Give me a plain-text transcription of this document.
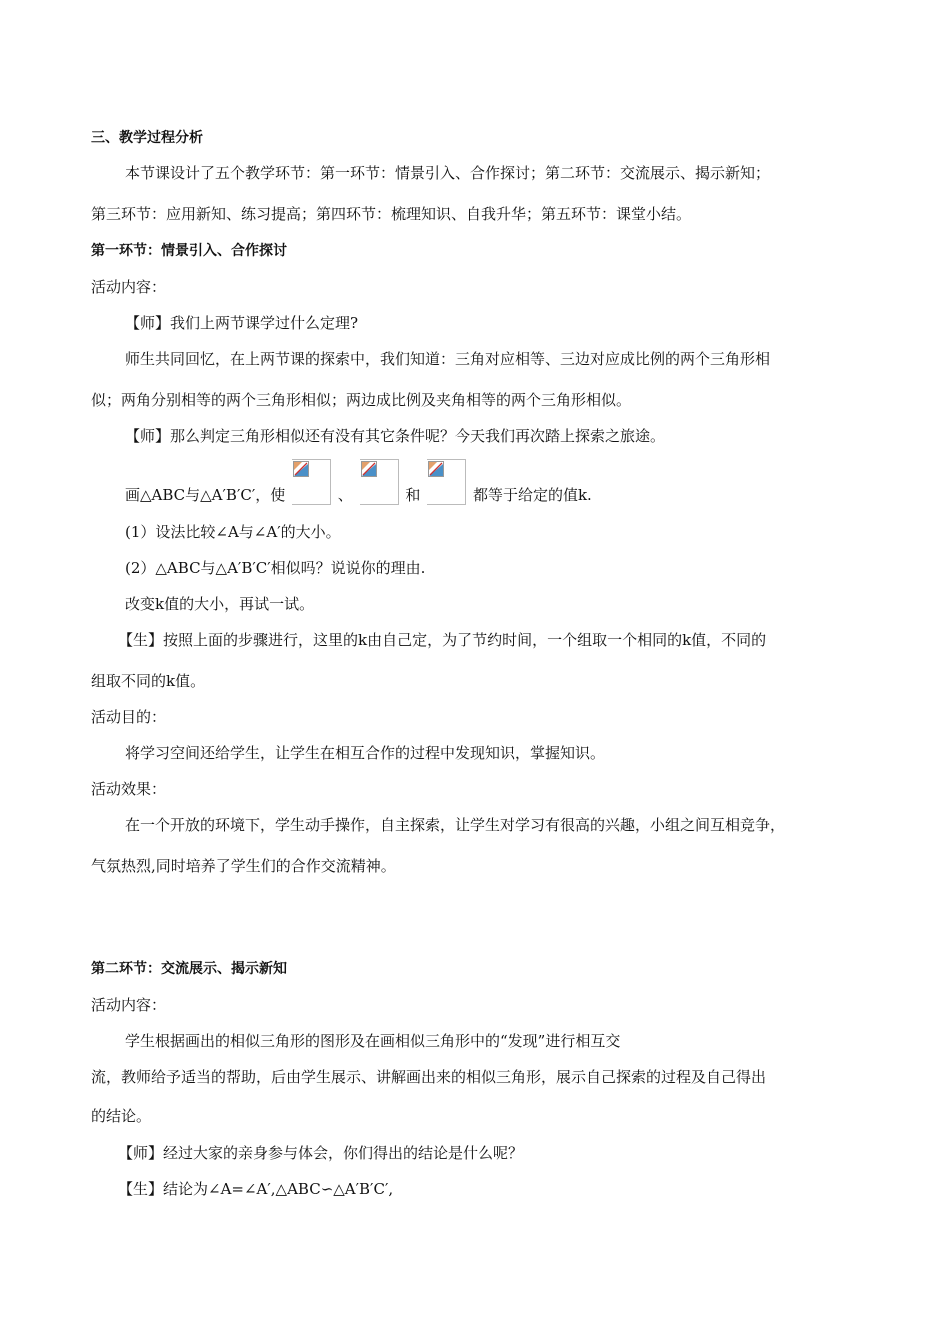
三、教学过程分析
本节课设计了五个教学环节：第一环节：情景引入、合作探讨；第二环节：交流展示、揭示新知；
第三环节：应用新知、练习提高；第四环节：梳理知识、自我升华；第五环节：课堂小结。
第一环节：情景引入、合作探讨
活动内容：
【师】我们上两节课学过什么定理?
师生共同回忆，在上两节课的探索中，我们知道：三角对应相等、三边对应成比例的两个三角形相
似；两角分别相等的两个三角形相似；两边成比例及夹角相等的两个三角形相似。
【师】那么判定三角形相似还有没有其它条件呢？今天我们再次踏上探索之旅途。
画△ABC与△A′B′C′，使	、	和	都等于给定的值k.
(1）设法比较∠A与∠A′的大小。
(2）△ABC与△A′B′C′相似吗？说说你的理由.
改变k值的大小，再试一试。
【生】按照上面的步骤进行，这里的k由自己定，为了节约时间，一个组取一个相同的k值，不同的
组取不同的k值。
活动目的：
将学习空间还给学生，让学生在相互合作的过程中发现知识，掌握知识。
活动效果：
在一个开放的环境下，学生动手操作，自主探索，让学生对学习有很高的兴趣，小组之间互相竞争，
气氛热烈,同时培养了学生们的合作交流精神。
第二环节：交流展示、揭示新知
活动内容：
学生根据画出的相似三角形的图形及在画相似三角形中的“发现”进行相互交
流，教师给予适当的帮助，后由学生展示、讲解画出来的相似三角形，展示自己探索的过程及自己得出
的结论。
【师】经过大家的亲身参与体会，你们得出的结论是什么呢？
【生】结论为∠A=∠A′,△ABC∽△A′B′C′,
